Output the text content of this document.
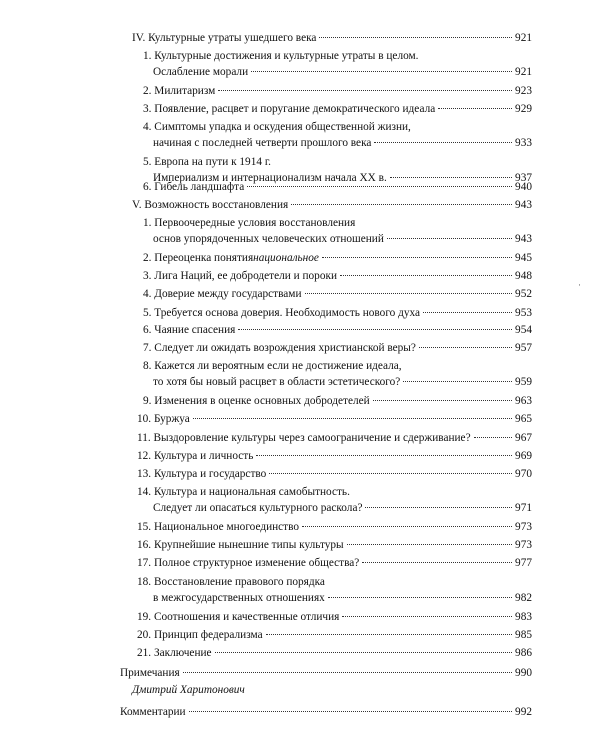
IV. Культурные утраты ушедшего века	921
1. Культурные достижения и культурные утраты в целом.
Ослабление морали	921
2. Милитаризм	923
3. Появление, расцвет и поругание демократического идеала	929
4. Симптомы упадка и оскудения общественной жизни,
начиная с последней четверти прошлого века	933
5. Европа на пути к 1914 г.
Империализм и интернационализм начала XX в.	937
6. Гибель ландшафта	940
V. Возможность восстановления	943
1. Первоочередные условия восстановления
основ упорядоченных человеческих отношений	943
2. Переоценка понятия национальное	945
3. Лига Наций, ее добродетели и пороки	948
4. Доверие между государствами	952
5. Требуется основа доверия. Необходимость нового духа	953
6. Чаяние спасения	954
7. Следует ли ожидать возрождения христианской веры?	957
8. Кажется ли вероятным если не достижение идеала,
то хотя бы новый расцвет в области эстетического?	959
9. Изменения в оценке основных добродетелей	963
10. Буржуа	965
11. Выздоровление культуры через самоограничение и сдерживание?	967
12. Культура и личность	969
13. Культура и государство	970
14. Культура и национальная самобытность.
Следует ли опасаться культурного раскола?	971
15. Национальное многоединство	973
16. Крупнейшие нынешние типы культуры	973
17. Полное структурное изменение общества?	977
18. Восстановление правового порядка
в межгосударственных отношениях	982
19. Соотношения и качественные отличия	983
20. Принцип федерализма	985
21. Заключение	986
Примечания	990
Дмитрий Харитонович
Комментарии	992
·
